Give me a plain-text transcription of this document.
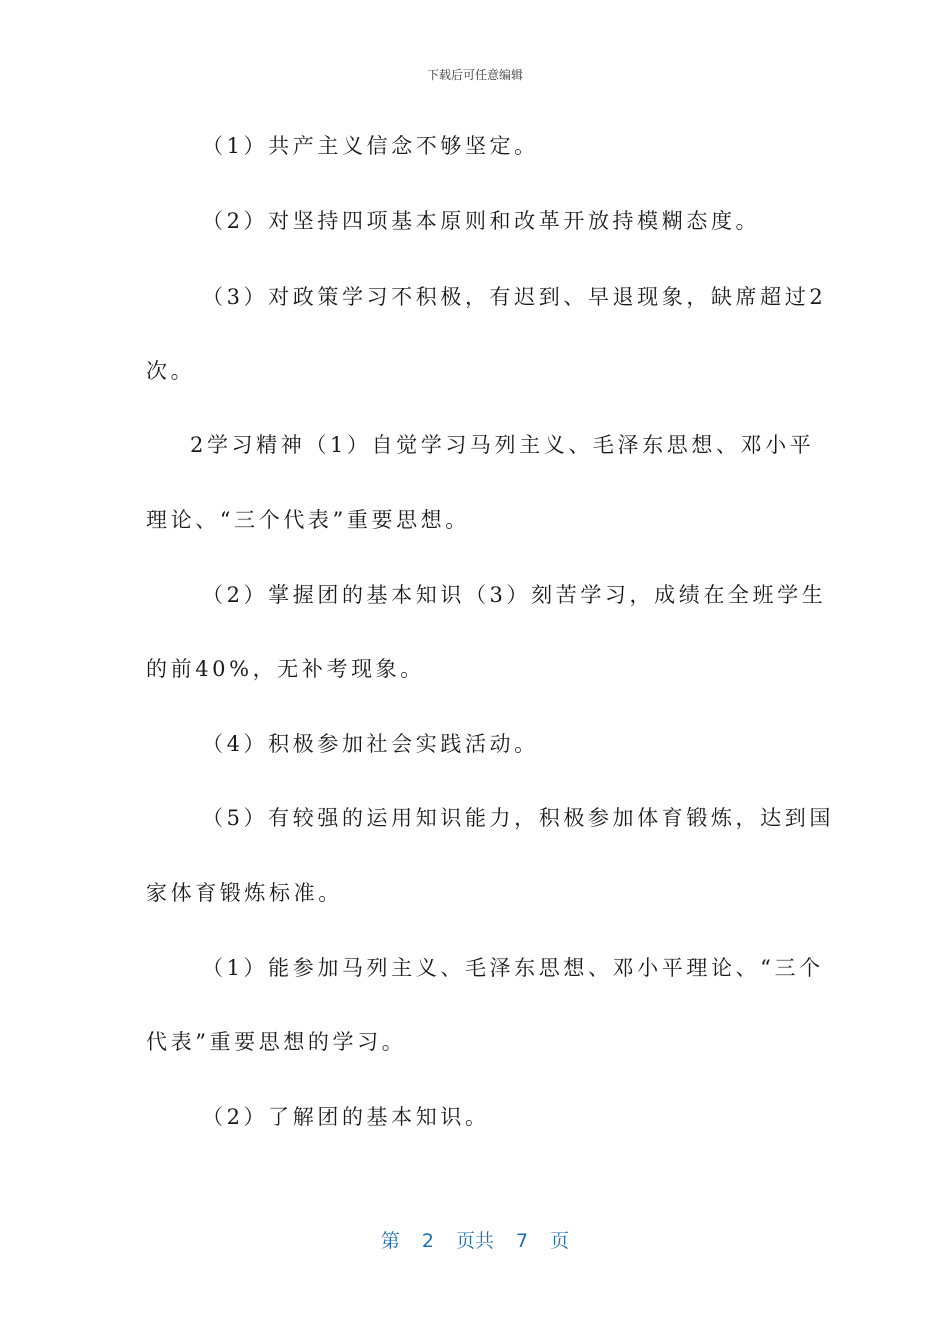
下载后可任意编辑
（1）共产主义信念不够坚定。
（2）对坚持四项基本原则和改革开放持模糊态度。
（3）对政策学习不积极，有迟到、早退现象，缺席超过2
次。
2学习精神（1）自觉学习马列主义、毛泽东思想、邓小平
理论、“三个代表”重要思想。
（2）掌握团的基本知识（3）刻苦学习，成绩在全班学生
的前40%，无补考现象。
（4）积极参加社会实践活动。
（5）有较强的运用知识能力，积极参加体育锻炼，达到国
家体育锻炼标准。
（1）能参加马列主义、毛泽东思想、邓小平理论、“三个
代表”重要思想的学习。
（2）了解团的基本知识。
第 2 页共 7 页
